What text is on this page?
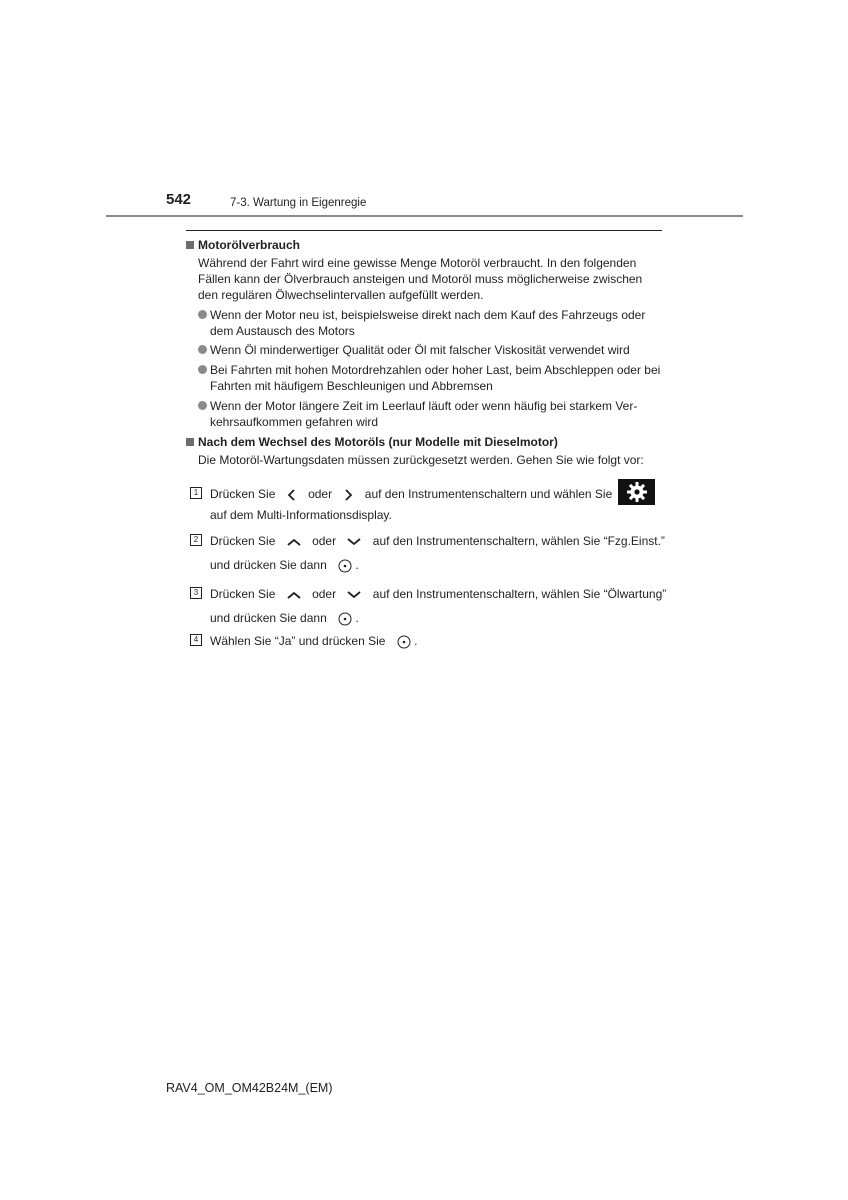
542	7-3. Wartung in Eigenregie
Motorölverbrauch
Während der Fahrt wird eine gewisse Menge Motoröl verbraucht. In den folgenden
Fällen kann der Ölverbrauch ansteigen und Motoröl muss möglicherweise zwischen
den regulären Ölwechselintervallen aufgefüllt werden.
Wenn der Motor neu ist, beispielsweise direkt nach dem Kauf des Fahrzeugs oder
dem Austausch des Motors
Wenn Öl minderwertiger Qualität oder Öl mit falscher Viskosität verwendet wird
Bei Fahrten mit hohen Motordrehzahlen oder hoher Last, beim Abschleppen oder bei
Fahrten mit häufigem Beschleunigen und Abbremsen
Wenn der Motor längere Zeit im Leerlauf läuft oder wenn häufig bei starkem Ver-
kehrsaufkommen gefahren wird
Nach dem Wechsel des Motoröls (nur Modelle mit Dieselmotor)
Die Motoröl-Wartungsdaten müssen zurückgesetzt werden. Gehen Sie wie folgt vor:
1 Drücken Sie	oder	auf den Instrumentenschaltern und wählen Sie
auf dem Multi-Informationsdisplay.
2 Drücken Sie	oder	auf den Instrumentenschaltern, wählen Sie “Fzg.Einst.”
und drücken Sie dann .
3 Drücken Sie	oder	auf den Instrumentenschaltern, wählen Sie “Ölwartung”
und drücken Sie dann .
4 Wählen Sie “Ja” und drücken Sie .
RAV4_OM_OM42B24M_(EM)
